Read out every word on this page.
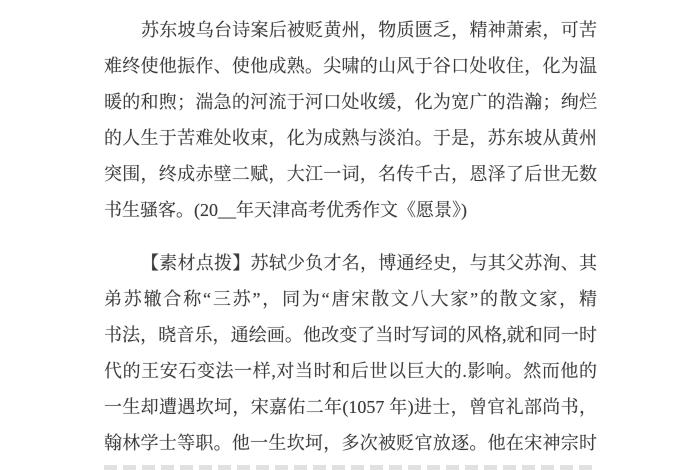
苏东坡乌台诗案后被贬黄州，物质匮乏，精神萧索，可苦
难终使他振作、使他成熟。尖啸的山风于谷口处收住，化为温
暖的和煦；湍急的河流于河口处收缓，化为宽广的浩瀚；绚烂
的人生于苦难处收束，化为成熟与淡泊。于是，苏东坡从黄州
突围，终成赤壁二赋，大江一词，名传千古，恩泽了后世无数
书生骚客。(20__年天津高考优秀作文《愿景》)
【素材点拨】苏轼少负才名，博通经史，与其父苏洵、其
弟苏辙合称“三苏”，同为“唐宋散文八大家”的散文家，精
书法，晓音乐，通绘画。他改变了当时写词的风格,就和同一时
代的王安石变法一样,对当时和后世以巨大的.影响。然而他的
一生却遭遇坎坷，宋嘉佑二年(1057 年)进士，曾官礼部尚书，
翰林学士等职。他一生坎坷，多次被贬官放逐。他在宋神宗时
